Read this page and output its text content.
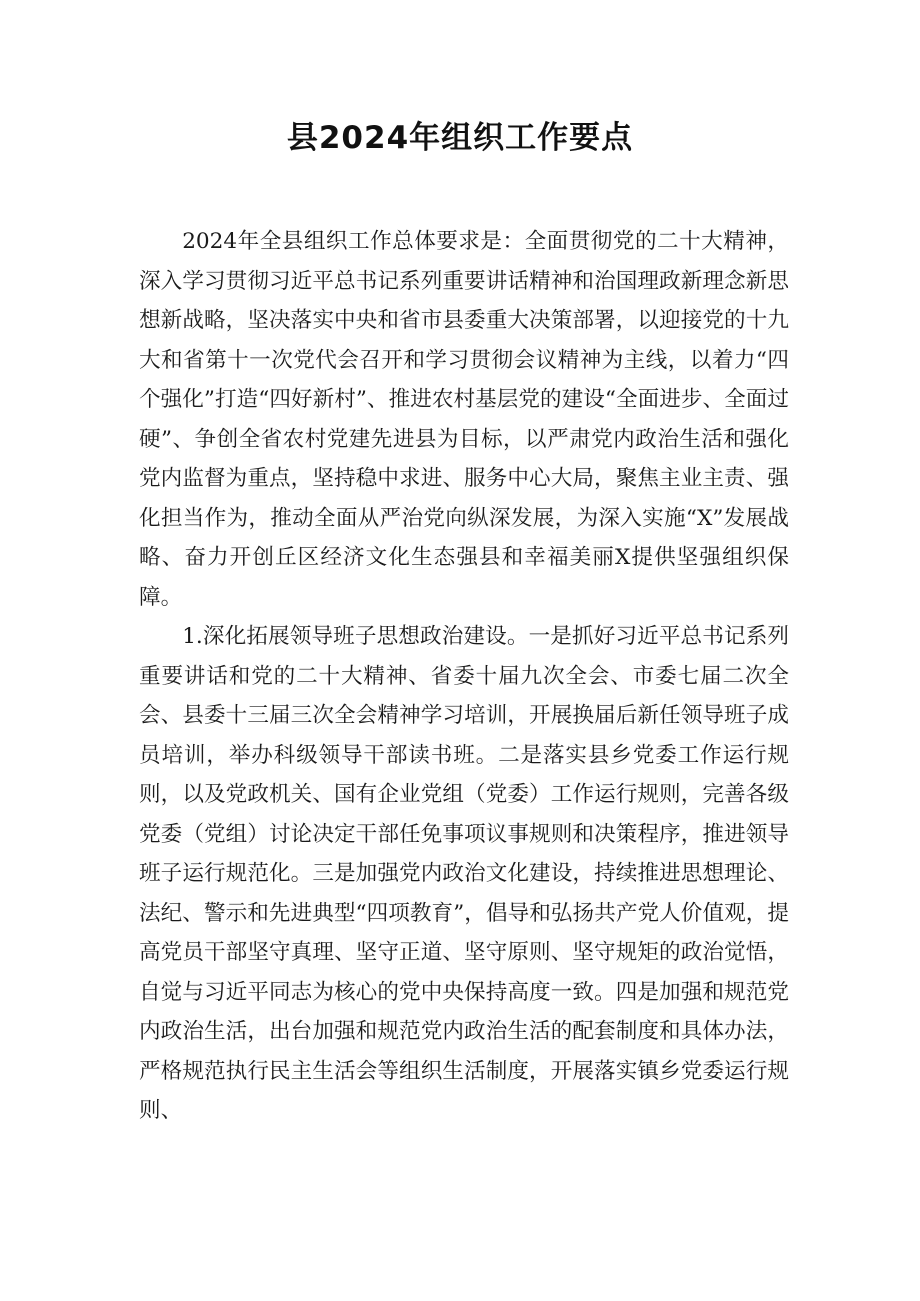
县2024年组织工作要点

2024年全县组织工作总体要求是：全面贯彻党的二十大精神，深入学习贯彻习近平总书记系列重要讲话精神和治国理政新理念新思想新战略，坚决落实中央和省市县委重大决策部署，以迎接党的十九大和省第十一次党代会召开和学习贯彻会议精神为主线，以着力“四个强化”打造“四好新村”、推进农村基层党的建设“全面进步、全面过硬”、争创全省农村党建先进县为目标，以严肃党内政治生活和强化党内监督为重点，坚持稳中求进、服务中心大局，聚焦主业主责、强化担当作为，推动全面从严治党向纵深发展，为深入实施“X”发展战略、奋力开创丘区经济文化生态强县和幸福美丽X提供坚强组织保障。

1.深化拓展领导班子思想政治建设。一是抓好习近平总书记系列重要讲话和党的二十大精神、省委十届九次全会、市委七届二次全会、县委十三届三次全会精神学习培训，开展换届后新任领导班子成员培训，举办科级领导干部读书班。二是落实县乡党委工作运行规则，以及党政机关、国有企业党组（党委）工作运行规则，完善各级党委（党组）讨论决定干部任免事项议事规则和决策程序，推进领导班子运行规范化。三是加强党内政治文化建设，持续推进思想理论、法纪、警示和先进典型“四项教育”，倡导和弘扬共产党人价值观，提高党员干部坚守真理、坚守正道、坚守原则、坚守规矩的政治觉悟，自觉与习近平同志为核心的党中央保持高度一致。四是加强和规范党内政治生活，出台加强和规范党内政治生活的配套制度和具体办法，严格规范执行民主生活会等组织生活制度，开展落实镇乡党委运行规则、
